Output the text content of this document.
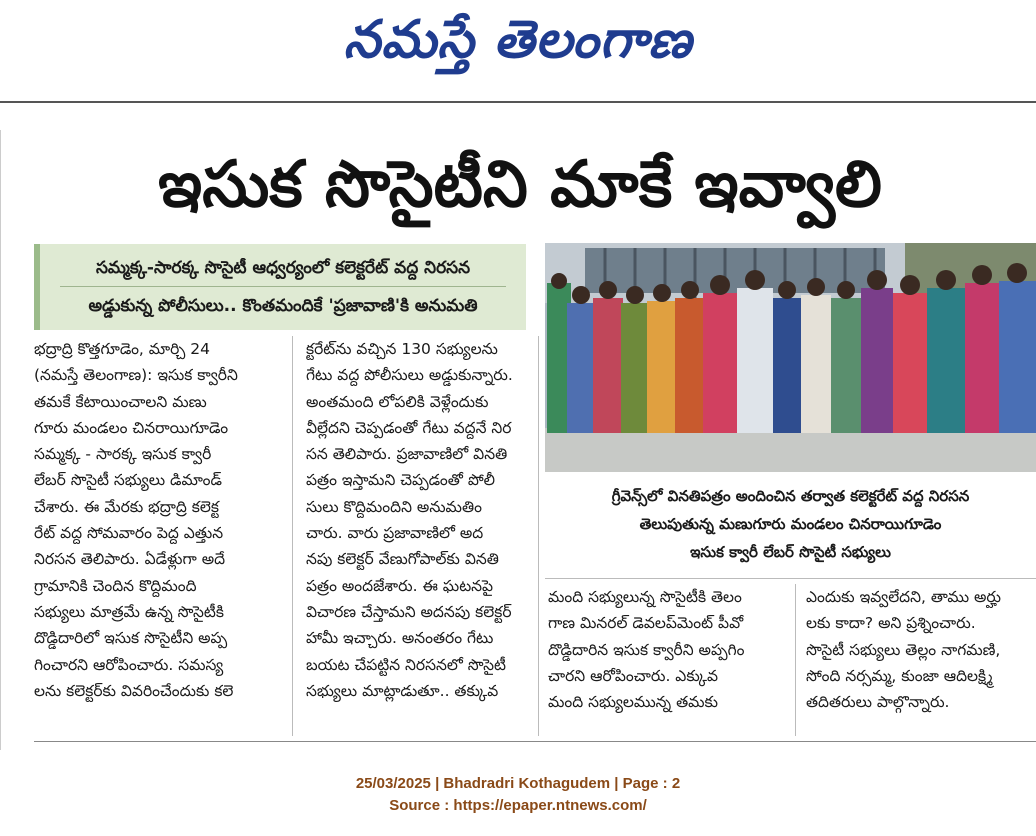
నమస్తే తెలంగాణ
ఇసుక సొసైటీని మాకే ఇవ్వాలి
సమ్మక్క-సారక్క సొసైటీ ఆధ్వర్యంలో కలెక్టరేట్ వద్ద నిరసన
అడ్డుకున్న పోలీసులు.. కొంతమందికే 'ప్రజావాణి'కి అనుమతి
గ్రీవెన్స్‌లో వినతిపత్రం అందించిన తర్వాత కలెక్టరేట్ వద్ద నిరసన
తెలుపుతున్న మణుగూరు మండలం చినరాయిగూడెం
ఇసుక క్వారీ లేబర్ సొసైటీ సభ్యులు
భద్రాద్రి కొత్తగూడెం, మార్చి 24
(నమస్తే తెలంగాణ): ఇసుక క్వారీని
తమకే కేటాయించాలని మణు
గూరు మండలం చినరాయిగూడెం
సమ్మక్క - సారక్క ఇసుక క్వారీ
లేబర్ సొసైటీ సభ్యులు డిమాండ్
చేశారు. ఈ మేరకు భద్రాద్రి కలెక్ట
రేట్ వద్ద సోమవారం పెద్ద ఎత్తున
నిరసన తెలిపారు. ఏడేళ్లుగా అదే
గ్రామానికి చెందిన కొద్దిమంది
సభ్యులు మాత్రమే ఉన్న సొసైటీకి
దొడ్డిదారిలో ఇసుక సొసైటీని అప్ప
గించారని ఆరోపించారు. సమస్య
లను కలెక్టర్‌కు వివరించేందుకు కలె
క్టరేట్‌ను వచ్చిన 130 సభ్యులను
గేటు వద్ద పోలీసులు అడ్డుకున్నారు.
అంతమంది లోపలికి వెళ్లేందుకు
వీల్లేదని చెప్పడంతో గేటు వద్దనే నిర
సన తెలిపారు. ప్రజావాణిలో వినతి
పత్రం ఇస్తామని చెప్పడంతో పోలీ
సులు కొద్దిమందిని అనుమతిం
చారు. వారు ప్రజావాణిలో అద
నపు కలెక్టర్ వేణుగోపాల్‌కు వినతి
పత్రం అందజేశారు. ఈ ఘటనపై
విచారణ చేస్తామని అదనపు కలెక్టర్
హామీ ఇచ్చారు. అనంతరం గేటు
బయట చేపట్టిన నిరసనలో సొసైటీ
సభ్యులు మాట్లాడుతూ.. తక్కువ
మంది సభ్యులున్న సొసైటీకి తెలం
గాణ మినరల్ డెవలప్‌మెంట్ పీవో
దొడ్డిదారిన ఇసుక క్వారీని అప్పగిం
చారని ఆరోపించారు. ఎక్కువ
మంది సభ్యులమున్న తమకు
ఎందుకు ఇవ్వలేదని, తాము అర్హు
లకు కాదా? అని ప్రశ్నించారు.
సొసైటీ సభ్యులు తెల్లం నాగమణి,
సోంది నర్సమ్మ, కుంజా ఆదిలక్ష్మి
తదితరులు పాల్గొన్నారు.
25/03/2025 | Bhadradri Kothagudem | Page : 2
Source : https://epaper.ntnews.com/
